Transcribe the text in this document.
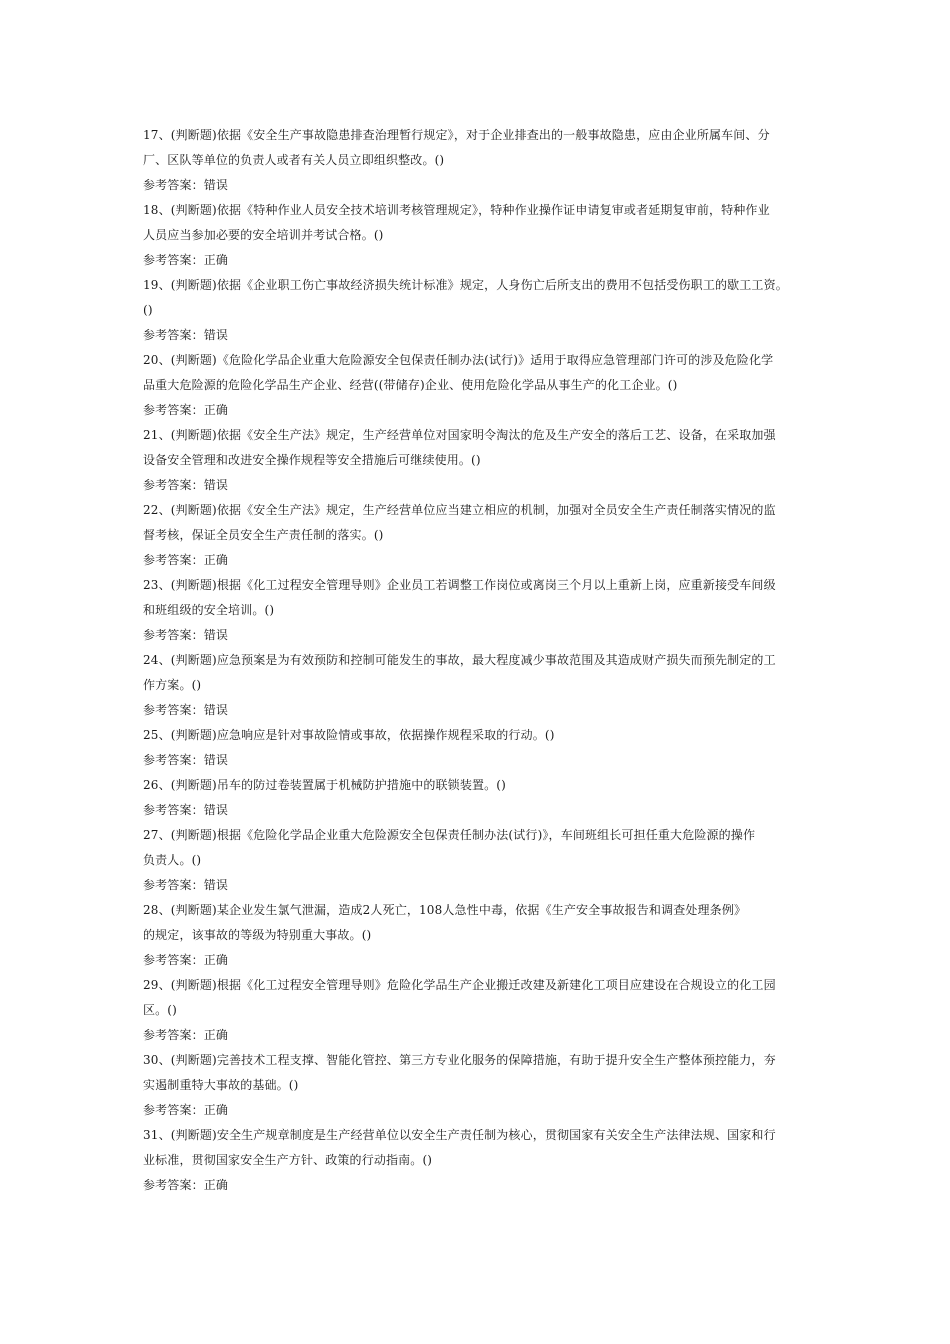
17、(判断题)依据《安全生产事故隐患排查治理暂行规定》，对于企业排查出的一般事故隐患，应由企业所属车间、分
厂、区队等单位的负责人或者有关人员立即组织整改。()
参考答案：错误
18、(判断题)依据《特种作业人员安全技术培训考核管理规定》，特种作业操作证申请复审或者延期复审前，特种作业
人员应当参加必要的安全培训并考试合格。()
参考答案：正确
19、(判断题)依据《企业职工伤亡事故经济损失统计标准》规定，人身伤亡后所支出的费用不包括受伤职工的歇工工资。
()
参考答案：错误
20、(判断题)《危险化学品企业重大危险源安全包保责任制办法(试行)》适用于取得应急管理部门许可的涉及危险化学
品重大危险源的危险化学品生产企业、经营((带储存)企业、使用危险化学品从事生产的化工企业。()
参考答案：正确
21、(判断题)依据《安全生产法》规定，生产经营单位对国家明令淘汰的危及生产安全的落后工艺、设备，在采取加强
设备安全管理和改进安全操作规程等安全措施后可继续使用。()
参考答案：错误
22、(判断题)依据《安全生产法》规定，生产经营单位应当建立相应的机制，加强对全员安全生产责任制落实情况的监
督考核，保证全员安全生产责任制的落实。()
参考答案：正确
23、(判断题)根据《化工过程安全管理导则》企业员工若调整工作岗位或离岗三个月以上重新上岗，应重新接受车间级
和班组级的安全培训。()
参考答案：错误
24、(判断题)应急预案是为有效预防和控制可能发生的事故，最大程度减少事故范围及其造成财产损失而预先制定的工
作方案。()
参考答案：错误
25、(判断题)应急响应是针对事故险情或事故，依据操作规程采取的行动。()
参考答案：错误
26、(判断题)吊车的防过卷装置属于机械防护措施中的联锁装置。()
参考答案：错误
27、(判断题)根据《危险化学品企业重大危险源安全包保责任制办法(试行)》，车间班组长可担任重大危险源的操作
负责人。()
参考答案：错误
28、(判断题)某企业发生氯气泄漏，造成2人死亡，108人急性中毒，依据《生产安全事故报告和调查处理条例》
的规定，该事故的等级为特别重大事故。()
参考答案：正确
29、(判断题)根据《化工过程安全管理导则》危险化学品生产企业搬迁改建及新建化工项目应建设在合规设立的化工园
区。()
参考答案：正确
30、(判断题)完善技术工程支撑、智能化管控、第三方专业化服务的保障措施，有助于提升安全生产整体预控能力，夯
实遏制重特大事故的基础。()
参考答案：正确
31、(判断题)安全生产规章制度是生产经营单位以安全生产责任制为核心，贯彻国家有关安全生产法律法规、国家和行
业标准，贯彻国家安全生产方针、政策的行动指南。()
参考答案：正确
